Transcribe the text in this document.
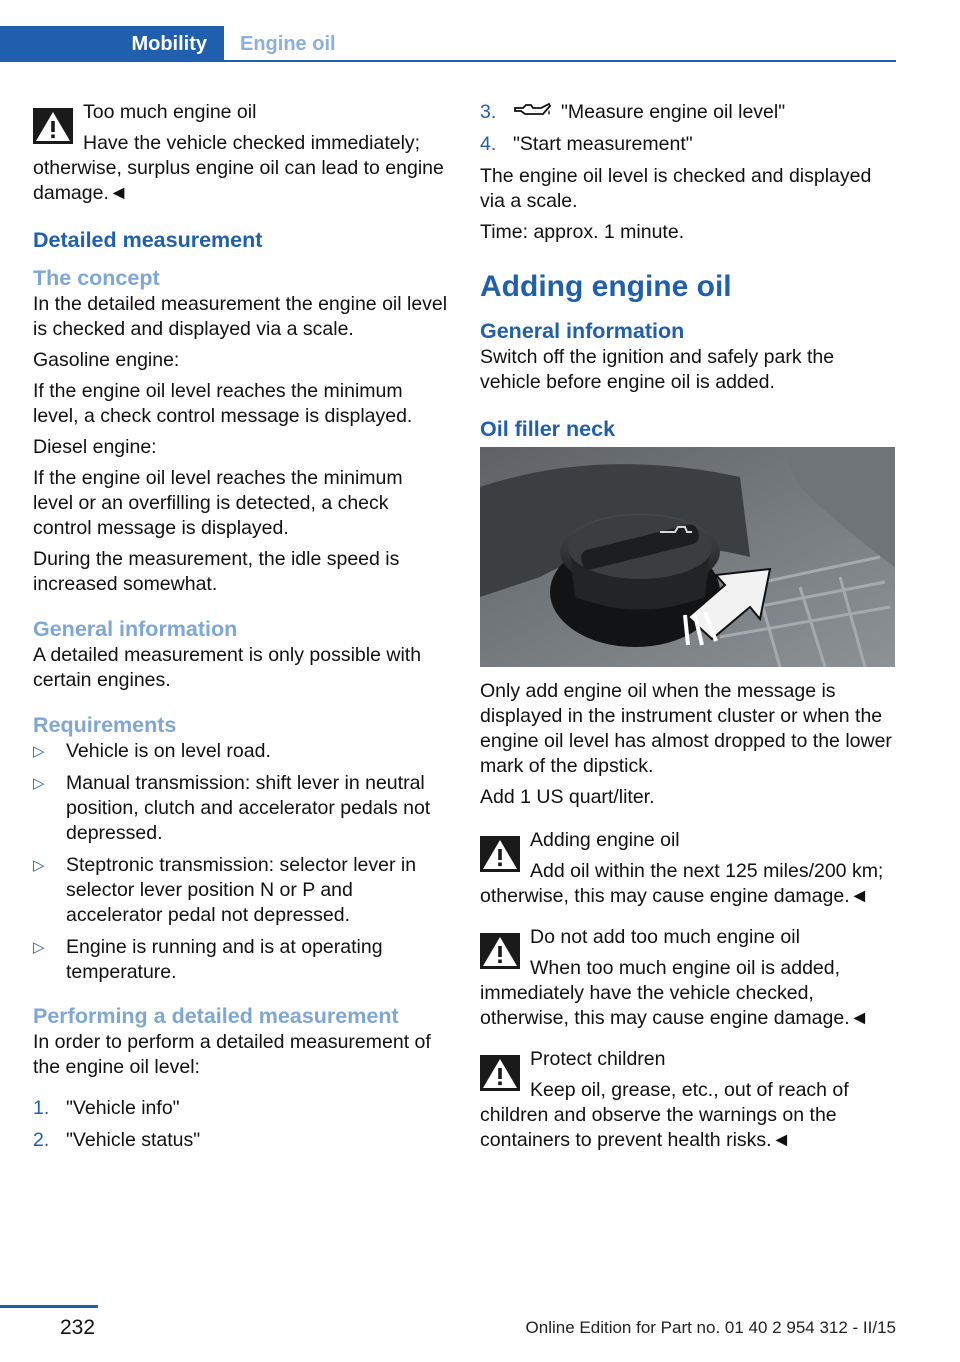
Mobility Engine oil

Too much engine oil

Have the vehicle checked immediately; otherwise, surplus engine oil can lead to engine damage.◄

Detailed measurement
The concept

In the detailed measurement the engine oil level is checked and displayed via a scale.

Gasoline engine:

If the engine oil level reaches the minimum level, a check control message is displayed.

Diesel engine:

If the engine oil level reaches the minimum level or an overfilling is detected, a check control message is displayed.

During the measurement, the idle speed is increased somewhat.

General information

A detailed measurement is only possible with certain engines.

Requirements
▷ Vehicle is on level road.
▷ Manual transmission: shift lever in neutral position, clutch and accelerator pedals not depressed.
▷ Steptronic transmission: selector lever in selector lever position N or P and accelerator pedal not depressed.
▷ Engine is running and is at operating temperature.
Performing a detailed measurement

In order to perform a detailed measurement of the engine oil level:

1. "Vehicle info"
2. "Vehicle status"
3.	"Measure engine oil level"
4. "Start measurement"

The engine oil level is checked and displayed via a scale.

Time: approx. 1 minute.

Adding engine oil
General information

Switch off the ignition and safely park the vehicle before engine oil is added.

Oil filler neck

Only add engine oil when the message is displayed in the instrument cluster or when the engine oil level has almost dropped to the lower mark of the dipstick.

Add 1 US quart/liter.

Adding engine oil

Add oil within the next 125 miles/200 km; otherwise, this may cause engine damage.◄

Do not add too much engine oil

When too much engine oil is added, immediately have the vehicle checked, otherwise, this may cause engine damage.◄

Protect children

Keep oil, grease, etc., out of reach of children and observe the warnings on the containers to prevent health risks.◄

232	Online Edition for Part no. 01 40 2 954 312 - II/15
